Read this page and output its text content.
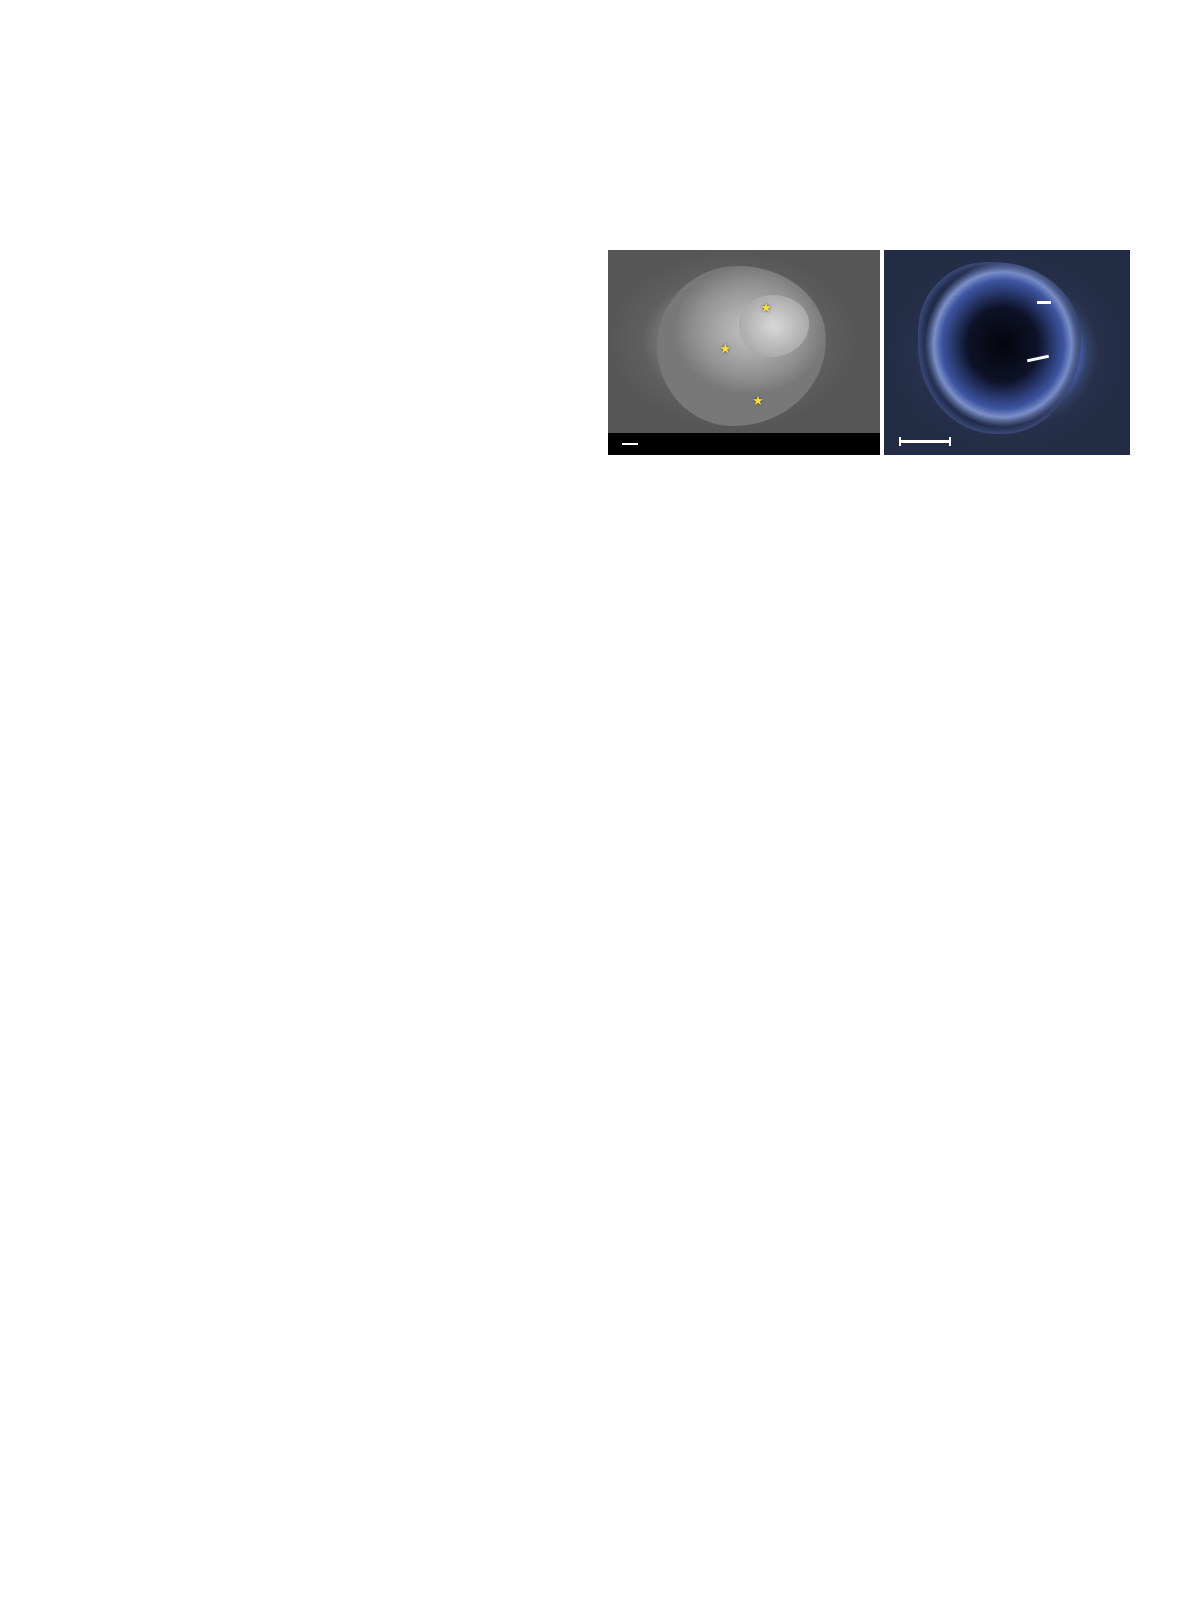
★
★
★
